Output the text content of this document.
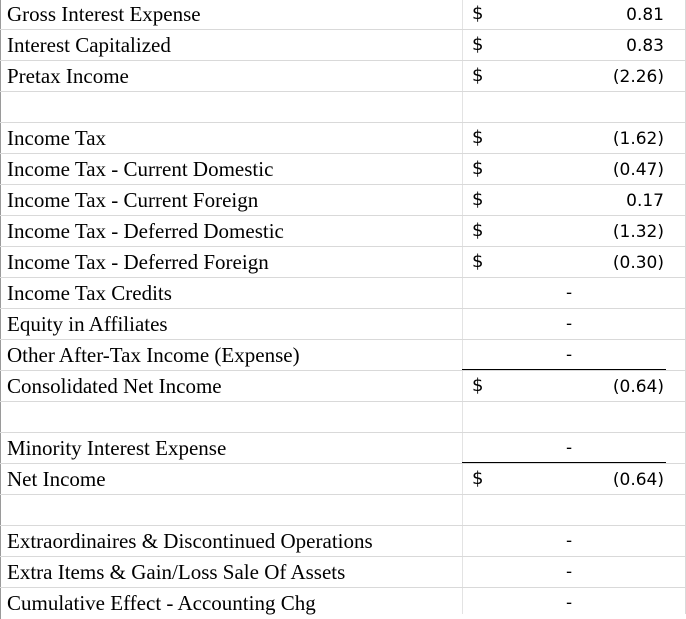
Gross Interest Expense	$	0.81
Interest Capitalized	$	0.83
Pretax Income	$	(2.26)
Income Tax	$	(1.62)
Income Tax - Current Domestic	$	(0.47)
Income Tax - Current Foreign	$	0.17
Income Tax - Deferred Domestic	$	(1.32)
Income Tax - Deferred Foreign	$	(0.30)
Income Tax Credits	-
Equity in Affiliates	-
Other After-Tax Income (Expense)	-
Consolidated Net Income	$	(0.64)
Minority Interest Expense	-
Net Income	$	(0.64)
Extraordinaires & Discontinued Operations	-
Extra Items & Gain/Loss Sale Of Assets	-
Cumulative Effect - Accounting Chg	-
